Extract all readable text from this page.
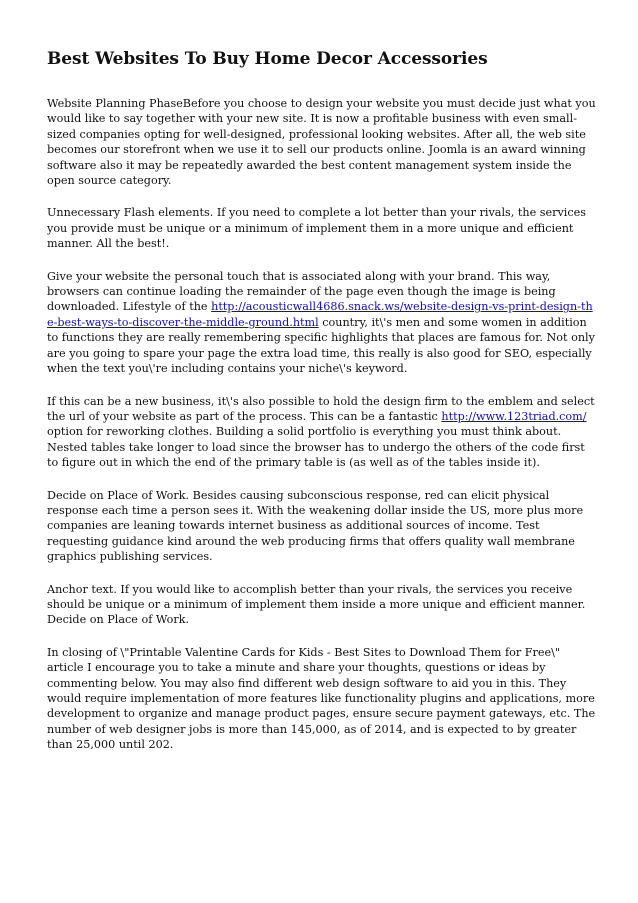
Best Websites To Buy Home Decor Accessories

Website Planning PhaseBefore you choose to design your website you must decide just what you would like to say together with your new site. It is now a profitable business with even small-sized companies opting for well-designed, professional looking websites. After all, the web site becomes our storefront when we use it to sell our products online. Joomla is an award winning software also it may be repeatedly awarded the best content management system inside the open source category.

Unnecessary Flash elements. If you need to complete a lot better than your rivals, the services you provide must be unique or a minimum of implement them in a more unique and efficient manner. All the best!.

Give your website the personal touch that is associated along with your brand. This way, browsers can continue loading the remainder of the page even though the image is being downloaded. Lifestyle of the http://acousticwall4686.snack.ws/website-design-vs-print-design-the-best-ways-to-discover-the-middle-ground.html country, it\'s men and some women in addition to functions they are really remembering specific highlights that places are famous for. Not only are you going to spare your page the extra load time, this really is also good for SEO, especially when the text you\'re including contains your niche\'s keyword.

If this can be a new business, it\'s also possible to hold the design firm to the emblem and select the url of your website as part of the process. This can be a fantastic http://www.123triad.com/ option for reworking clothes. Building a solid portfolio is everything you must think about. Nested tables take longer to load since the browser has to undergo the others of the code first to figure out in which the end of the primary table is (as well as of the tables inside it).

Decide on Place of Work. Besides causing subconscious response, red can elicit physical response each time a person sees it. With the weakening dollar inside the US, more plus more companies are leaning towards internet business as additional sources of income. Test requesting guidance kind around the web producing firms that offers quality wall membrane graphics publishing services.

Anchor text. If you would like to accomplish better than your rivals, the services you receive should be unique or a minimum of implement them inside a more unique and efficient manner. Decide on Place of Work.

In closing of \"Printable Valentine Cards for Kids - Best Sites to Download Them for Free\" article I encourage you to take a minute and share your thoughts, questions or ideas by commenting below. You may also find different web design software to aid you in this. They would require implementation of more features like functionality plugins and applications, more development to organize and manage product pages, ensure secure payment gateways, etc. The number of web designer jobs is more than 145,000, as of 2014, and is expected to by greater than 25,000 until 202.
